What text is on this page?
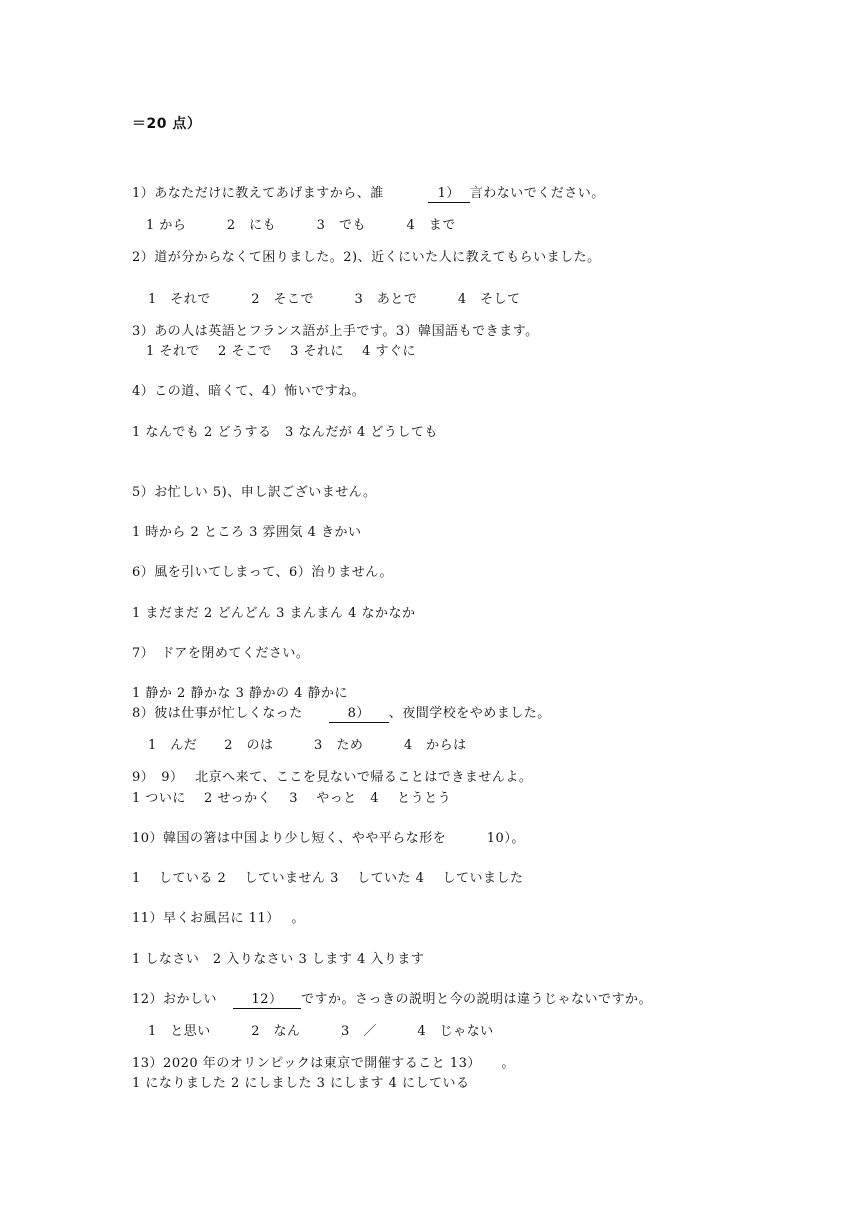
＝20 点）
1）あなただけに教えてあげますから、誰	1） 言わないでください。
1 から　　　2　にも　　　3　でも　　　4　まで
2）道が分からなくて困りました。2)、近くにいた人に教えてもらいました。
1　それで　　　2　そこで　　　3　あとで　　　4　そして
3）あの人は英語とフランス語が上手です。3）韓国語もできます。
1 それで　 2 そこで　 3 それに　 4 すぐに
4）この道、暗くて、4）怖いですね。
1 なんでも 2 どうする　3 なんだが 4 どうしても
5）お忙しい 5)、申し訳ございません。
1 時から 2 ところ 3 雰囲気 4 きかい
6）風を引いてしまって、6）治りません。
1 まだまだ 2 どんどん 3 まんまん 4 なかなか
7）　ドアを閉めてください。
1 静か 2 静かな 3 静かの 4 静かに
8）彼は仕事が忙しくなった	8） 、夜間学校をやめました。
1　んだ　　2　のは　　　3　ため　　　4　からは
9）　9）　 北京へ来て、ここを見ないで帰ることはできませんよ。
1 ついに　 2 せっかく　 3　 やっと　4　 とうとう
10）韓国の箸は中国より少し短く、やや平らな形を　　　10）。
1　 している 2　 していません 3　 していた 4　 していました
11）早くお風呂に 11）　 。
1 しなさい　2 入りなさい 3 します 4 入ります
12）おかしい	12） ですか。さっきの説明と今の説明は違うじゃないですか。
1　と思い　　　2　なん　　　3　／　　　4　じゃない
13）2020 年のオリンピックは東京で開催すること 13）　　。
1 になりました 2 にしました 3 にします 4 にしている
